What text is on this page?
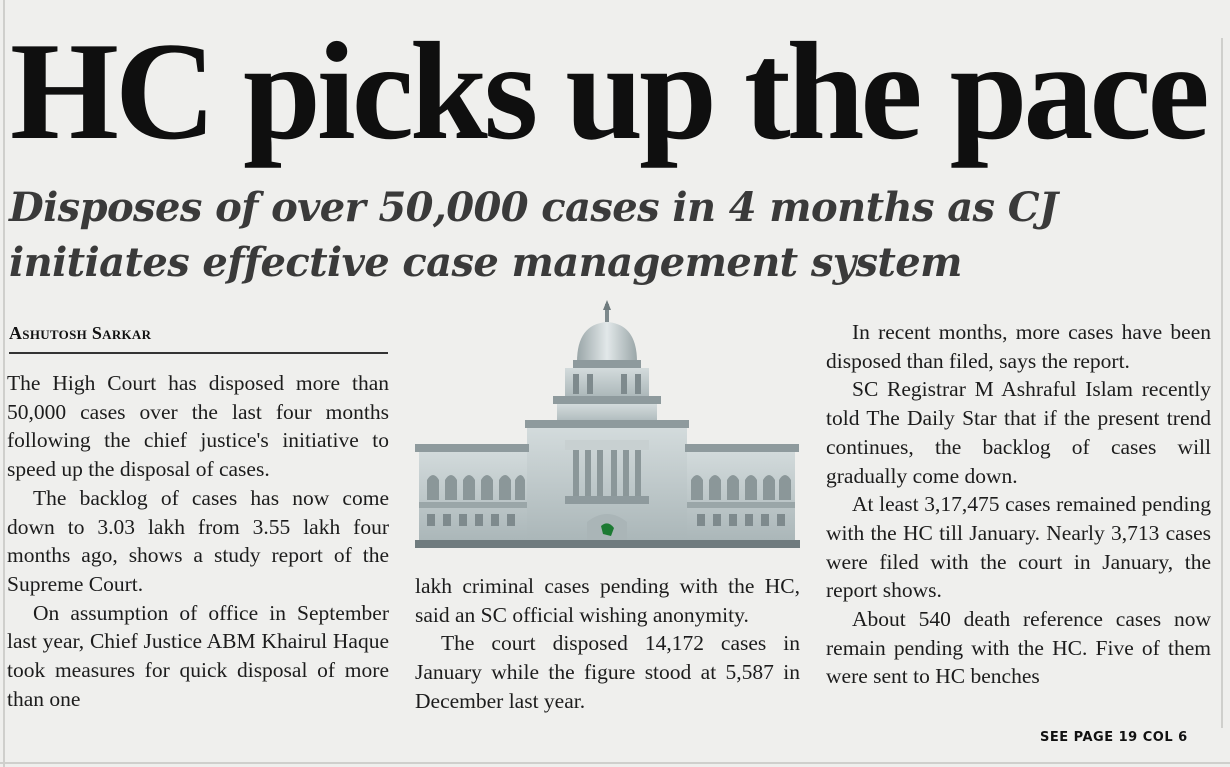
HC picks up the pace
Disposes of over 50,000 cases in 4 months as CJ initiates effective case management system

Ashutosh Sarkar

The High Court has disposed more than 50,000 cases over the last four months following the chief justice's initiative to speed up the disposal of cases.

The backlog of cases has now come down to 3.03 lakh from 3.55 lakh four months ago, shows a study report of the Supreme Court.

On assumption of office in September last year, Chief Justice ABM Khairul Haque took measures for quick disposal of more than one

lakh criminal cases pending with the HC, said an SC official wishing anonymity.

The court disposed 14,172 cases in January while the figure stood at 5,587 in December last year.

In recent months, more cases have been disposed than filed, says the report.

SC Registrar M Ashraful Islam recently told The Daily Star that if the present trend continues, the backlog of cases will gradually come down.

At least 3,17,475 cases remained pending with the HC till January. Nearly 3,713 cases were filed with the court in January, the report shows.

About 540 death reference cases now remain pending with the HC. Five of them were sent to HC benches

SEE PAGE 19 COL 6
